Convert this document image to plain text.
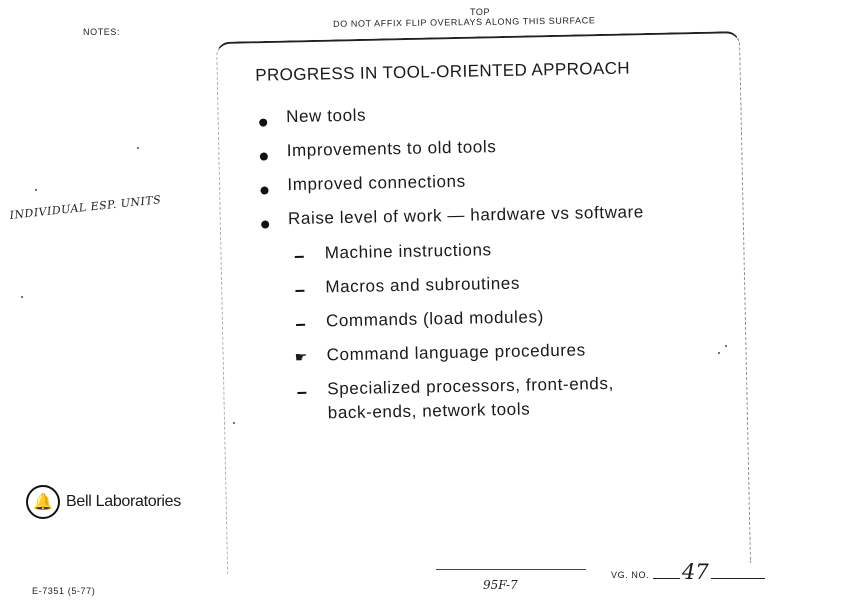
NOTES:
TOP
DO NOT AFFIX FLIP OVERLAYS ALONG THIS SURFACE
INDIVIDUAL ESP. UNITS
PROGRESS IN TOOL-ORIENTED APPROACH
New tools
Improvements to old tools
Improved connections
Raise level of work — hardware vs software
Machine instructions
Macros and subroutines
Commands (load modules)
☛ Command language procedures
Specialized processors, front-ends,
back-ends, network tools
🔔 Bell Laboratories
E-7351 (5-77)	95F-7
VG. NO. 47
